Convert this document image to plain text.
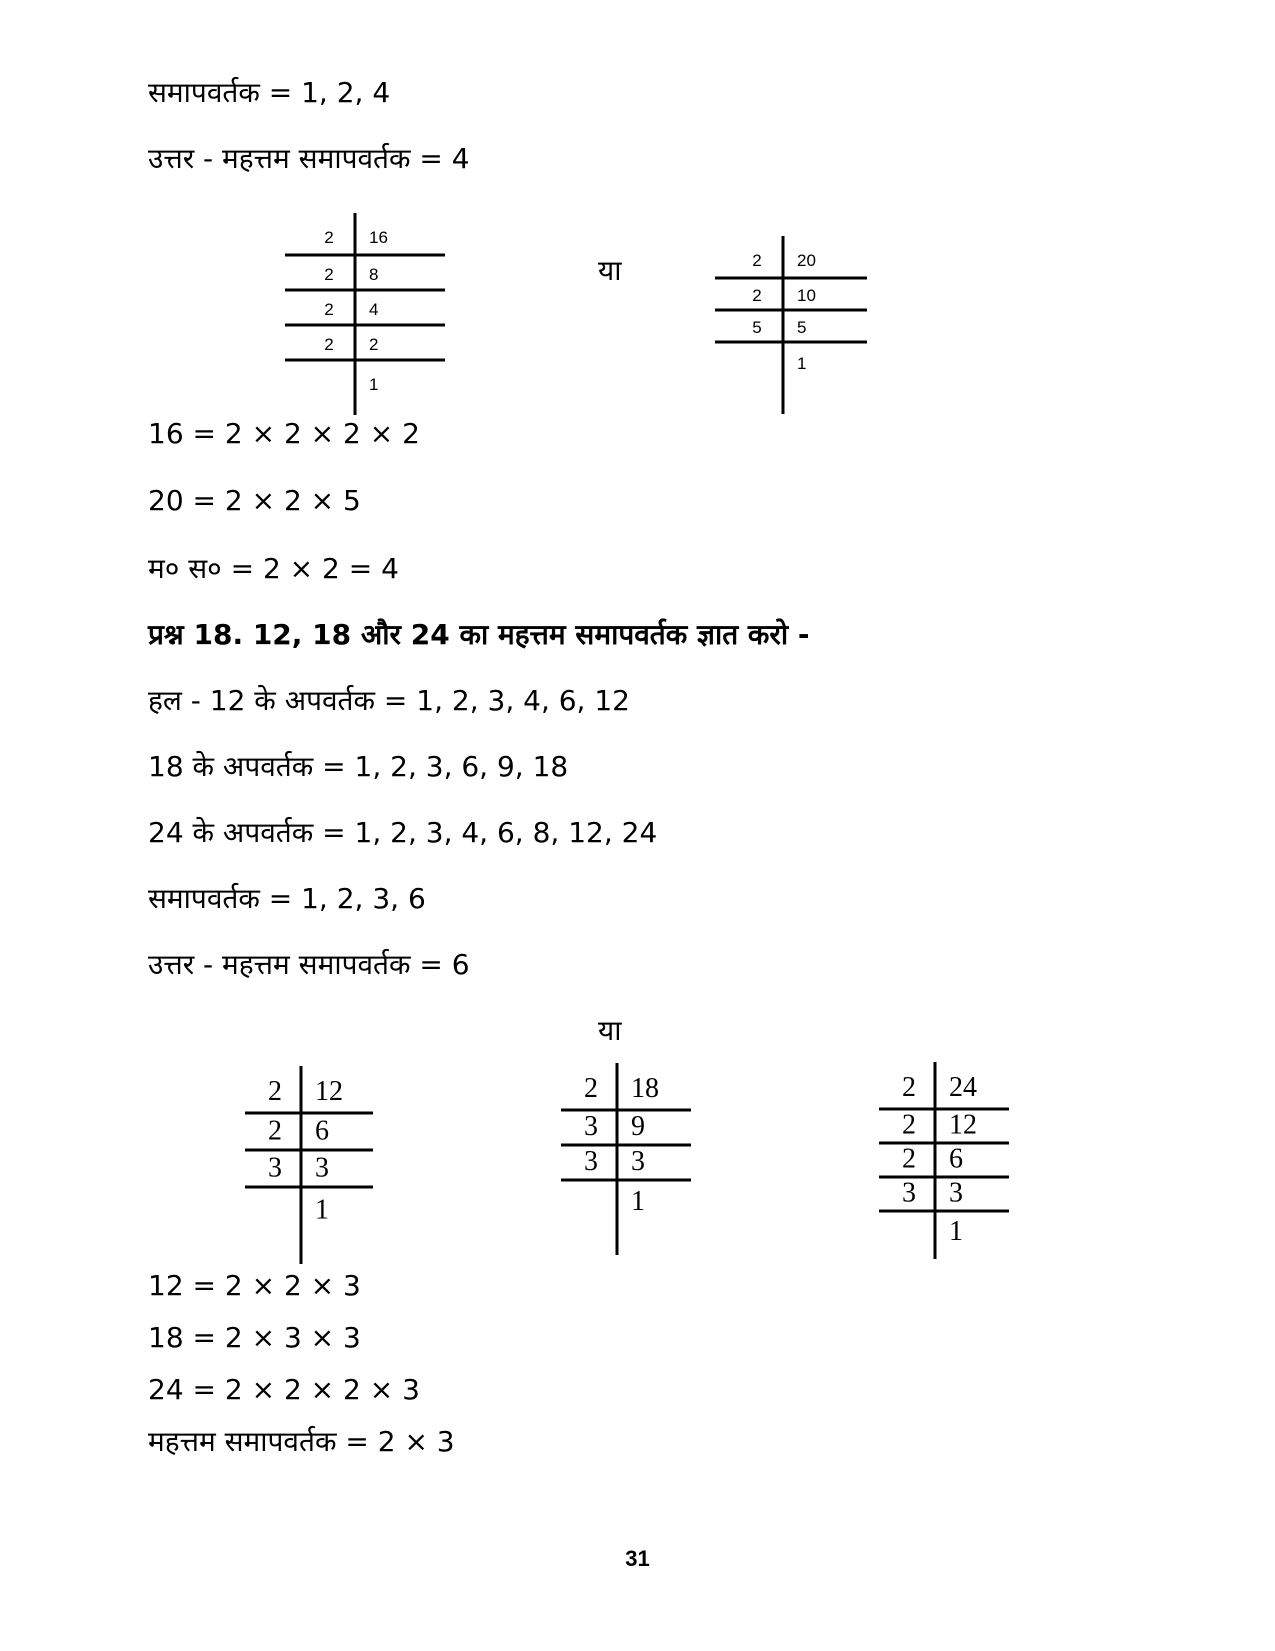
समापवर्तक = 1, 2, 4
उत्तर - महत्तम समापवर्तक = 4
2 16
2 8
2 4
2 2
1
या	2 20
2 10
5 5
1
16 = 2 × 2 × 2 × 2
20 = 2 × 2 × 5
म० स० = 2 × 2 = 4
प्रश्न 18. 12, 18 और 24 का महत्तम समापवर्तक ज्ञात करो -
हल - 12 के अपवर्तक = 1, 2, 3, 4, 6, 12
18 के अपवर्तक = 1, 2, 3, 6, 9, 18
24 के अपवर्तक = 1, 2, 3, 4, 6, 8, 12, 24
समापवर्तक = 1, 2, 3, 6
उत्तर - महत्तम समापवर्तक = 6
या
2 12
2 6
3 3
1
2 18
3 9
3 3
1
2 24
2 12
2 6
3 3
1
12 = 2 × 2 × 3
18 = 2 × 3 × 3
24 = 2 × 2 × 2 × 3
महत्तम समापवर्तक = 2 × 3
31
